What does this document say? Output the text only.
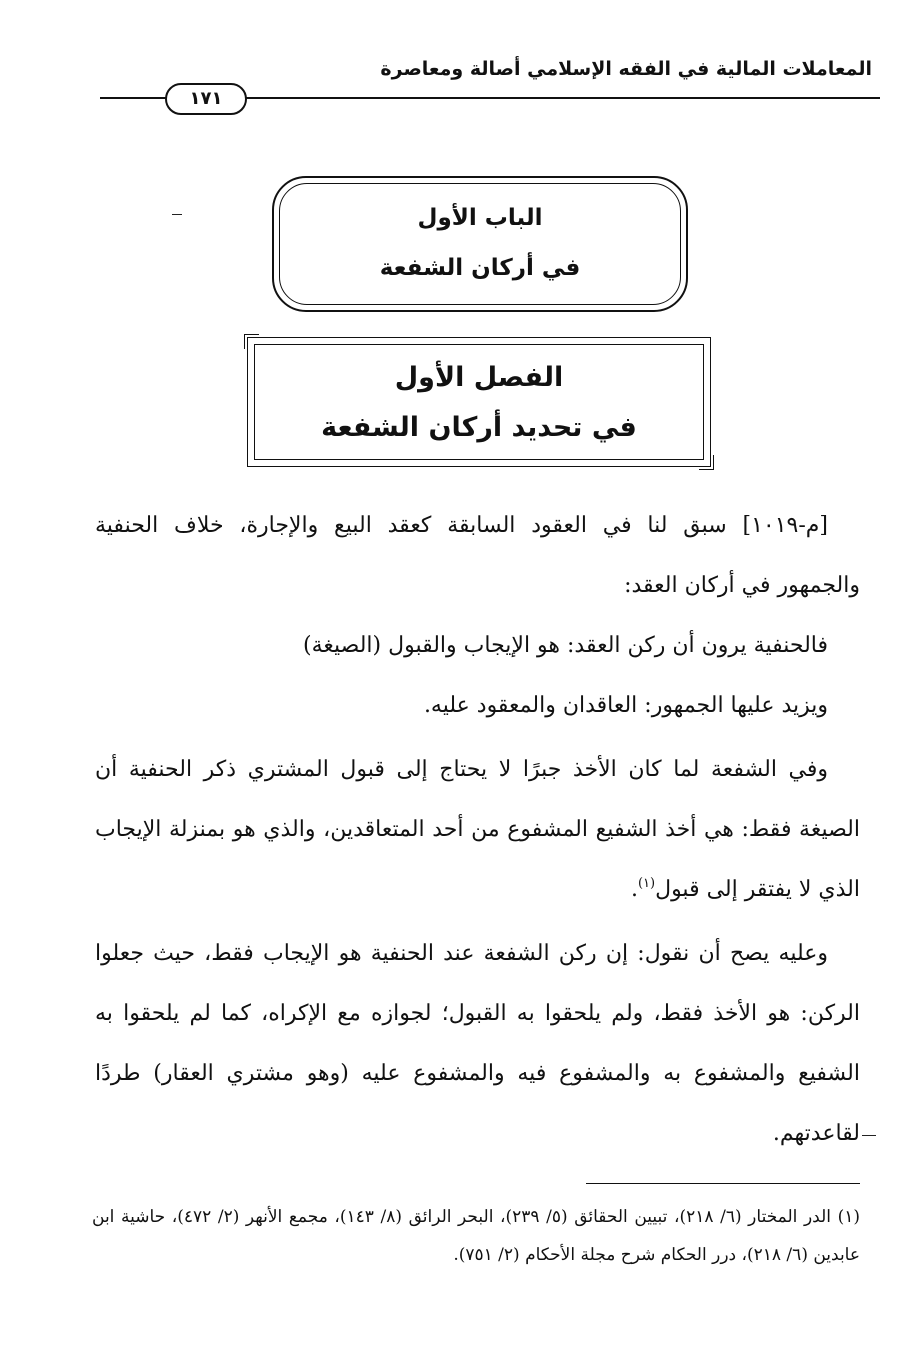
المعاملات المالية في الفقه الإسلامي أصالة ومعاصرة
١٧١
الباب الأول
في أركان الشفعة
الفصل الأول
في تحديد أركان الشفعة

[م-١٠١٩] سبق لنا في العقود السابقة كعقد البيع والإجارة، خلاف الحنفية والجمهور في أركان العقد:

فالحنفية يرون أن ركن العقد: هو الإيجاب والقبول (الصيغة)

ويزيد عليها الجمهور: العاقدان والمعقود عليه.

وفي الشفعة لما كان الأخذ جبرًا لا يحتاج إلى قبول المشتري ذكر الحنفية أن الصيغة فقط: هي أخذ الشفيع المشفوع من أحد المتعاقدين، والذي هو بمنزلة الإيجاب الذي لا يفتقر إلى قبول$^{(١)}$.

وعليه يصح أن نقول: إن ركن الشفعة عند الحنفية هو الإيجاب فقط، حيث جعلوا الركن: هو الأخذ فقط، ولم يلحقوا به القبول؛ لجوازه مع الإكراه، كما لم يلحقوا به الشفيع والمشفوع به والمشفوع فيه والمشفوع عليه (وهو مشتري العقار) طردًا لقاعدتهم.

(١) الدر المختار (٦/ ٢١٨)، تبيين الحقائق (٥/ ٢٣٩)، البحر الرائق (٨/ ١٤٣)، مجمع الأنهر (٢/ ٤٧٢)، حاشية ابن عابدين (٦/ ٢١٨)، درر الحكام شرح مجلة الأحكام (٢/ ٧٥١).
